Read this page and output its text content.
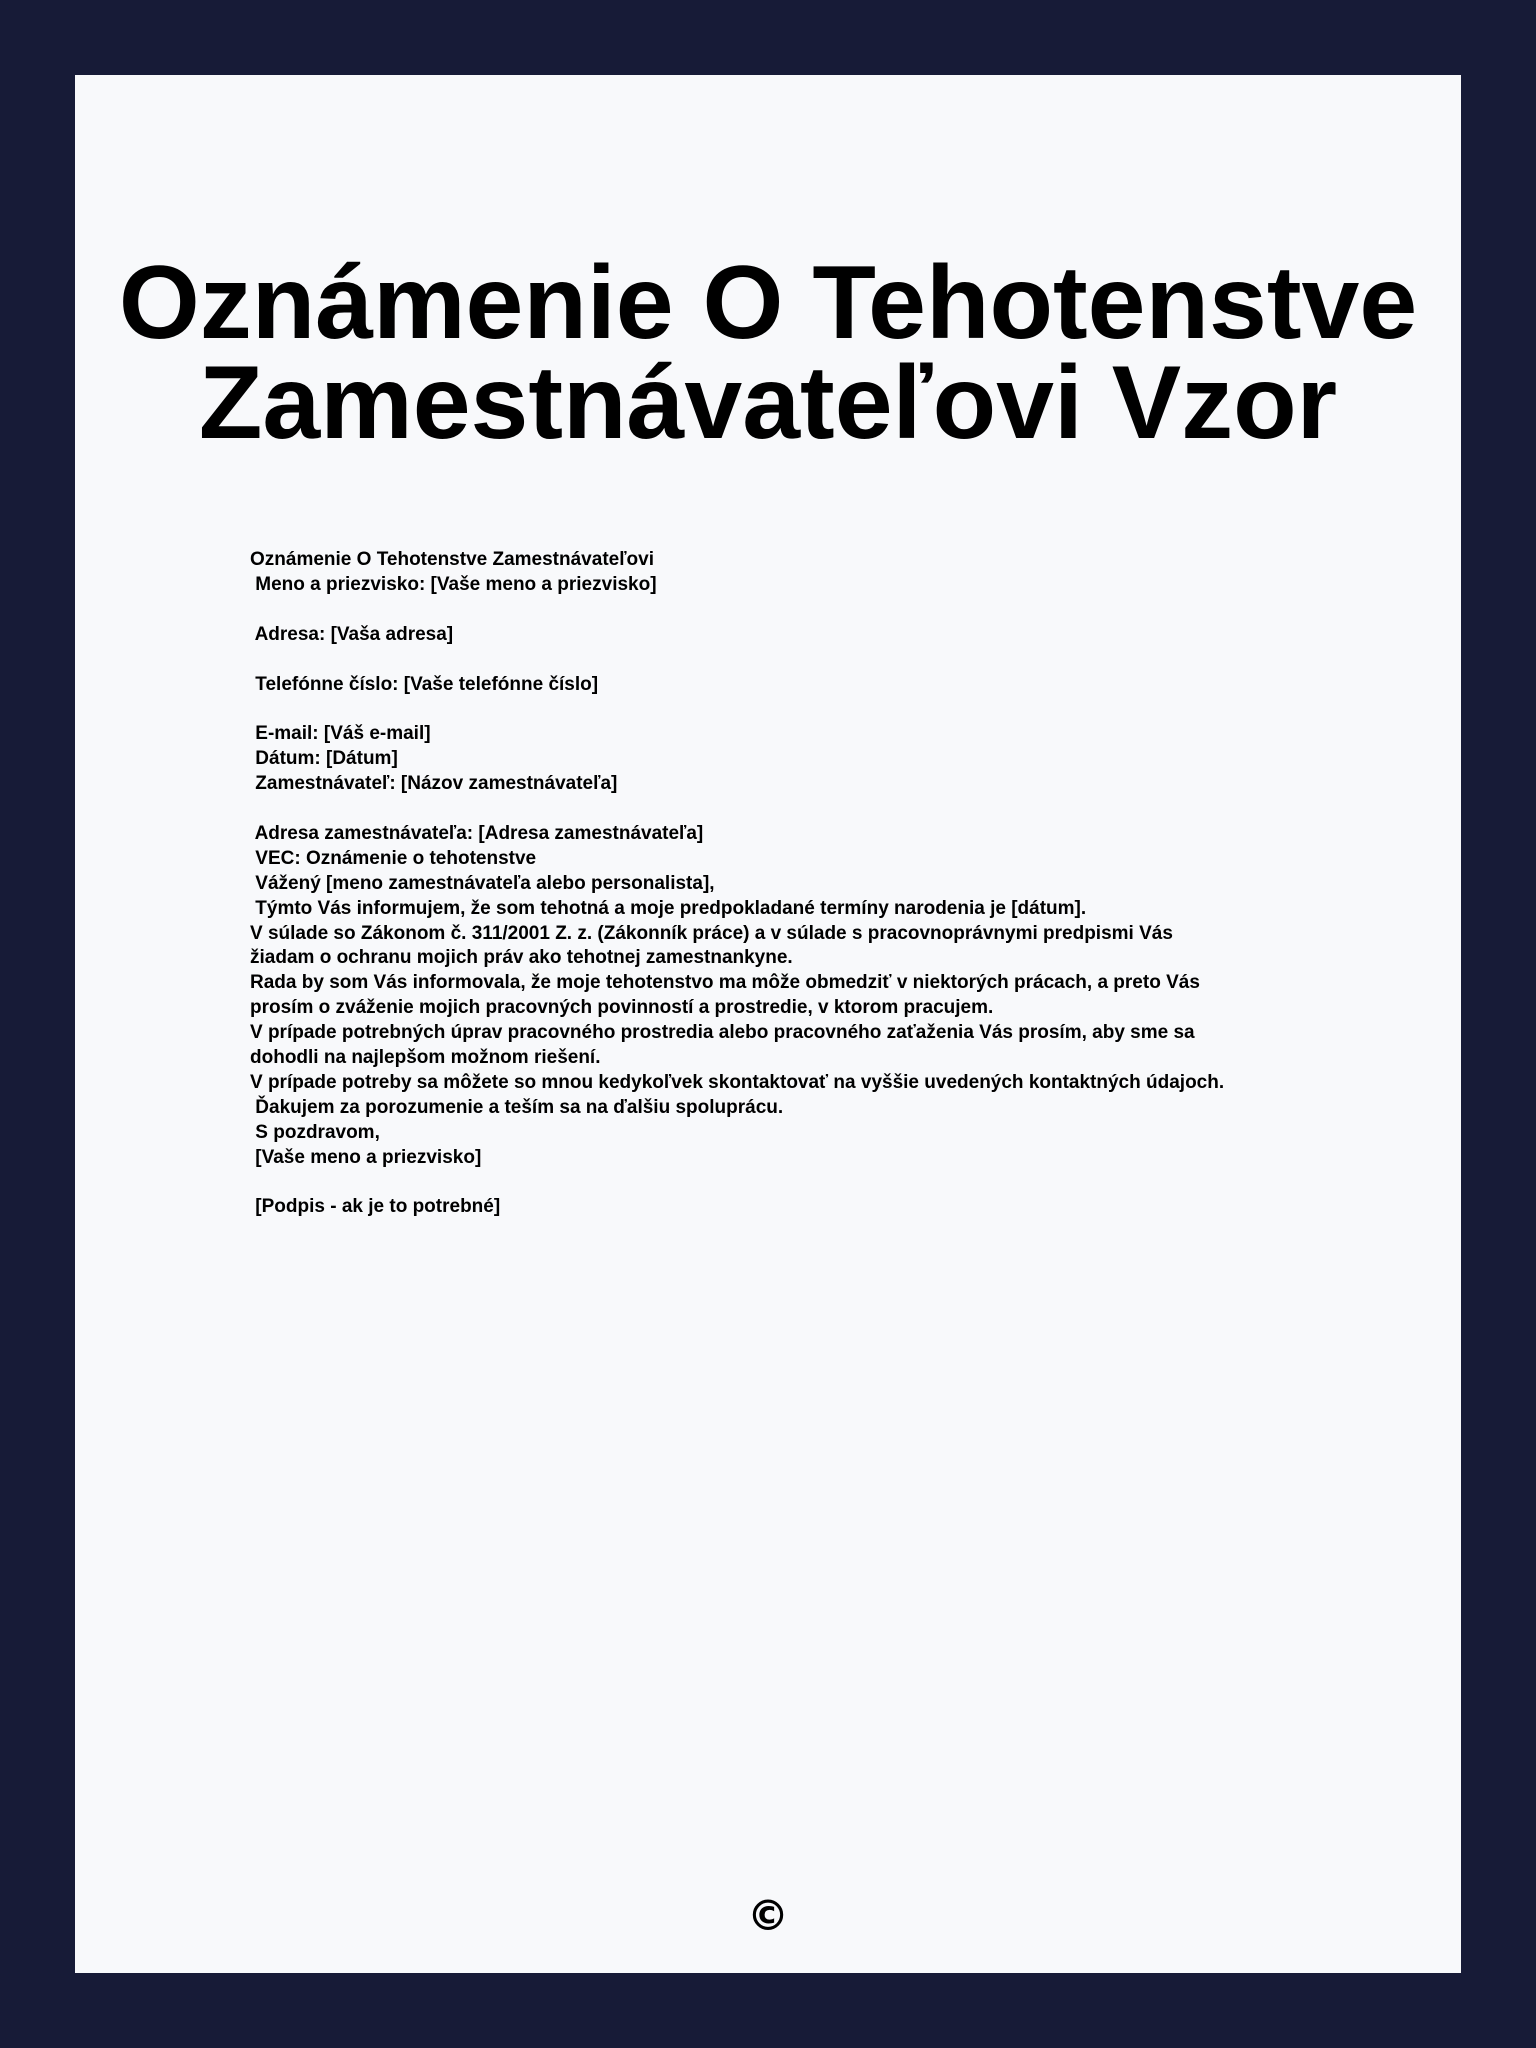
Oznámenie O Tehotenstve
Zamestnávateľovi Vzor
Oznámenie O Tehotenstve Zamestnávateľovi
Meno a priezvisko: [Vaše meno a priezvisko]
Adresa: [Vaša adresa]
Telefónne číslo: [Vaše telefónne číslo]
E-mail: [Váš e-mail]
Dátum: [Dátum]
Zamestnávateľ: [Názov zamestnávateľa]
Adresa zamestnávateľa: [Adresa zamestnávateľa]
VEC: Oznámenie o tehotenstve
Vážený [meno zamestnávateľa alebo personalista],
Týmto Vás informujem, že som tehotná a moje predpokladané termíny narodenia je [dátum].
V súlade so Zákonom č. 311/2001 Z. z. (Zákonník práce) a v súlade s pracovnoprávnymi predpismi Vás
žiadam o ochranu mojich práv ako tehotnej zamestnankyne.
Rada by som Vás informovala, že moje tehotenstvo ma môže obmedziť v niektorých prácach, a preto Vás
prosím o zváženie mojich pracovných povinností a prostredie, v ktorom pracujem.
V prípade potrebných úprav pracovného prostredia alebo pracovného zaťaženia Vás prosím, aby sme sa
dohodli na najlepšom možnom riešení.
V prípade potreby sa môžete so mnou kedykoľvek skontaktovať na vyššie uvedených kontaktných údajoch.
Ďakujem za porozumenie a teším sa na ďalšiu spoluprácu.
S pozdravom,
[Vaše meno a priezvisko]
[Podpis - ak je to potrebné]
©
